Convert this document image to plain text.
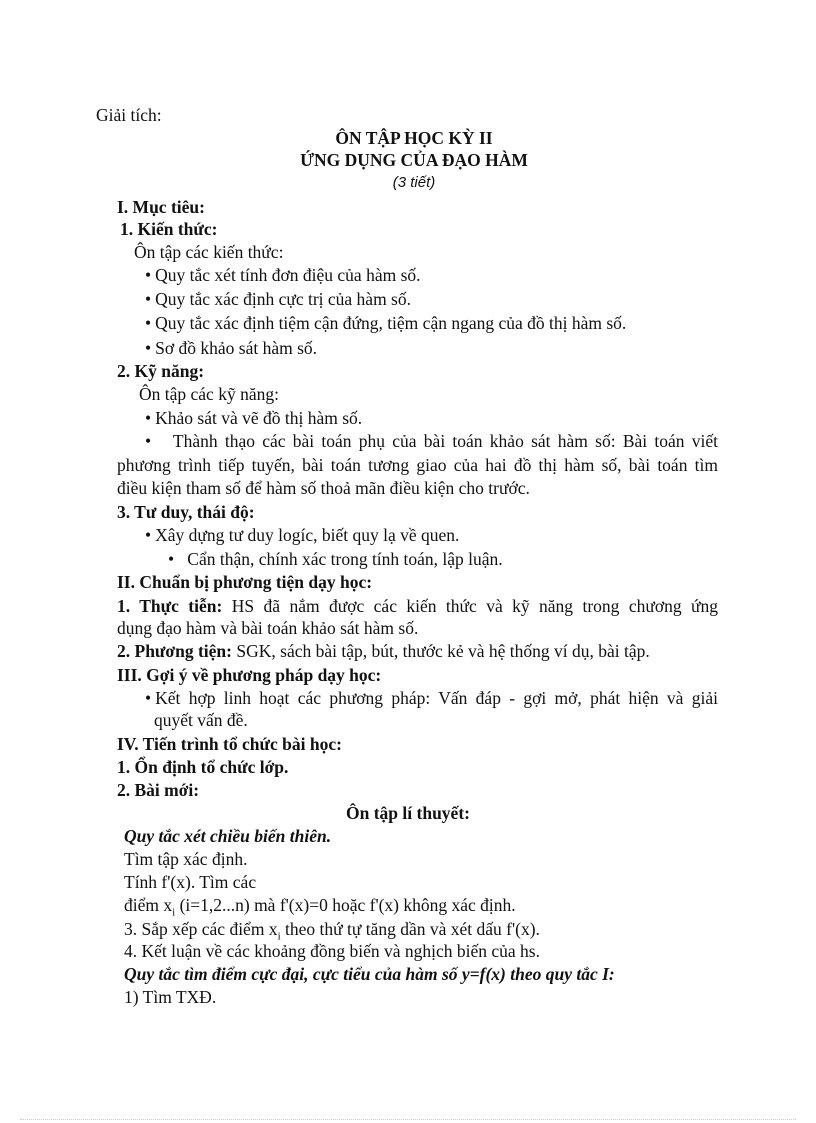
Giải tích:
ÔN TẬP HỌC KỲ II
ỨNG DỤNG CỦA ĐẠO HÀM
(3 tiết)
I. Mục tiêu:
1. Kiến thức:
Ôn tập các kiến thức:
• Quy tắc xét tính đơn điệu của hàm số.
• Quy tắc xác định cực trị của hàm số.
• Quy tắc xác định tiệm cận đứng, tiệm cận ngang của đồ thị hàm số.
• Sơ đồ khảo sát hàm số.
2. Kỹ năng:
Ôn tập các kỹ năng:
• Khảo sát và vẽ đồ thị hàm số.
•   Thành thạo các bài toán phụ của bài toán khảo sát hàm số: Bài toán viết
phương trình tiếp tuyến, bài toán tương giao của hai đồ thị hàm số, bài toán tìm
điều kiện tham số để hàm số thoả mãn điều kiện cho trước.
3. Tư duy, thái độ:
• Xây dựng tư duy logíc, biết quy lạ về quen.
•   Cẩn thận, chính xác trong tính toán, lập luận.
II. Chuẩn bị phương tiện dạy học:
1. Thực tiễn: HS đã nắm được các kiến thức và kỹ năng trong chương ứng
dụng đạo hàm và bài toán khảo sát hàm số.
2. Phương tiện: SGK, sách bài tập, bút, thước kẻ và hệ thống ví dụ, bài tập.
III. Gợi ý về phương pháp dạy học:
• Kết hợp linh hoạt các phương pháp: Vấn đáp - gợi mở, phát hiện và giải
quyết vấn đề.
IV. Tiến trình tổ chức bài học:
1. Ổn định tổ chức lớp.
2. Bài mới:
Ôn tập lí thuyết:
Quy tắc xét chiều biến thiên.
Tìm tập xác định.
Tính f'(x). Tìm các
điểm $x_i$ (i=1,2...n) mà f'(x)=0 hoặc f'(x) không xác định.
3. Sắp xếp các điểm $x_i$ theo thứ tự tăng dần và xét dấu f'(x).
4. Kết luận về các khoảng đồng biến và nghịch biến của hs.
Quy tắc tìm điểm cực đại, cực tiểu của hàm số y=f(x) theo quy tắc I:
1) Tìm TXĐ.
